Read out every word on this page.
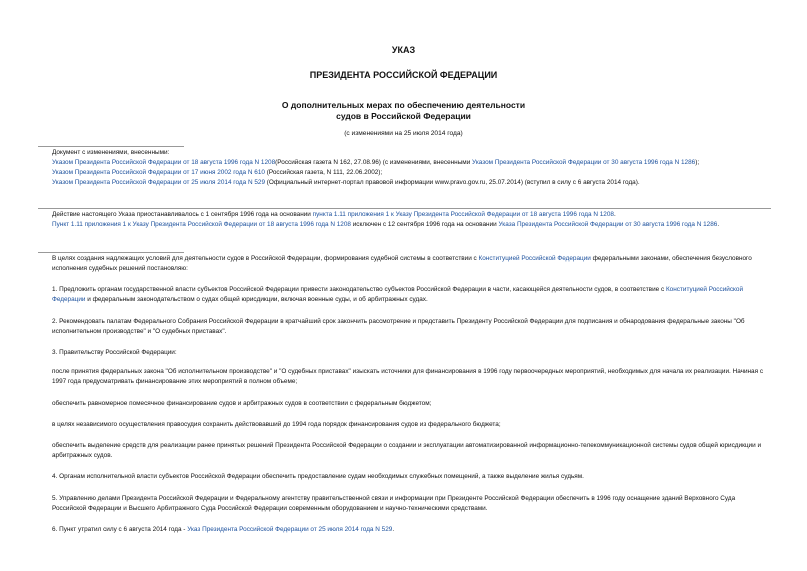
УКАЗ
ПРЕЗИДЕНТА РОССИЙСКОЙ ФЕДЕРАЦИИ
О дополнительных мерах по обеспечению деятельности
судов в Российской Федерации
(с изменениями на 25 июля 2014 года)

Документ с изменениями, внесенными:

Указом Президента Российской Федерации от 18 августа 1996 года N 1208(Российская газета N 162, 27.08.96) (с изменениями, внесенными Указом Президента Российской Федерации от 30 августа 1996 года N 1286);

Указом Президента Российской Федерации от 17 июня 2002 года N 610 (Российская газета, N 111, 22.06.2002);

Указом Президента Российской Федерации от 25 июля 2014 года N 529 (Официальный интернет-портал правовой информации www.pravo.gov.ru, 25.07.2014) (вступил в силу с 6 августа 2014 года).

Действие настоящего Указа приостанавливалось с 1 сентября 1996 года на основании пункта 1.11 приложения 1 к Указу Президента Российской Федерации от 18 августа 1996 года N 1208.

Пункт 1.11 приложения 1 к Указу Президента Российской Федерации от 18 августа 1996 года N 1208 исключен с 12 сентября 1996 года на основании Указа Президента Российской Федерации от 30 августа 1996 года N 1286.

В целях создания надлежащих условий для деятельности судов в Российской Федерации, формирования судебной системы в соответствии с Конституцией Российской Федерации федеральными законами, обеспечения безусловного исполнения судебных решений постановляю:

1. Предложить органам государственной власти субъектов Российской Федерации привести законодательство субъектов Российской Федерации в части, касающейся деятельности судов, в соответствие с Конституцией Российской Федерации и федеральным законодательством о судах общей юрисдикции, включая военные суды, и об арбитражных судах.

2. Рекомендовать палатам Федерального Собрания Российской Федерации в кратчайший срок закончить рассмотрение и представить Президенту Российской Федерации для подписания и обнародования федеральные законы "Об исполнительном производстве" и "О судебных приставах".

3. Правительству Российской Федерации:

после принятия федеральных закона "Об исполнительном производстве" и "О судебных приставах" изыскать источники для финансирования в 1996 году первоочередных мероприятий, необходимых для начала их реализации. Начиная с 1997 года предусматривать финансирование этих мероприятий в полном объеме;

обеспечить равномерное помесячное финансирование судов и арбитражных судов в соответствии с федеральным бюджетом;

в целях независимого осуществления правосудия сохранить действовавший до 1994 года порядок финансирования судов из федерального бюджета;

обеспечить выделение средств для реализации ранее принятых решений Президента Российской Федерации о создании и эксплуатации автоматизированной информационно-телекоммуникационной системы судов общей юрисдикции и арбитражных судов.

4. Органам исполнительной власти субъектов Российской Федерации обеспечить предоставление судам необходимых служебных помещений, а также выделение жилья судьям.

5. Управлению делами Президента Российской Федерации и Федеральному агентству правительственной связи и информации при Президенте Российской Федерации обеспечить в 1996 году оснащение зданий Верховного Суда Российской Федерации и Высшего Арбитражного Суда Российской Федерации современным оборудованием и научно-техническими средствами.

6. Пункт утратил силу с 6 августа 2014 года - Указ Президента Российской Федерации от 25 июля 2014 года N 529.
